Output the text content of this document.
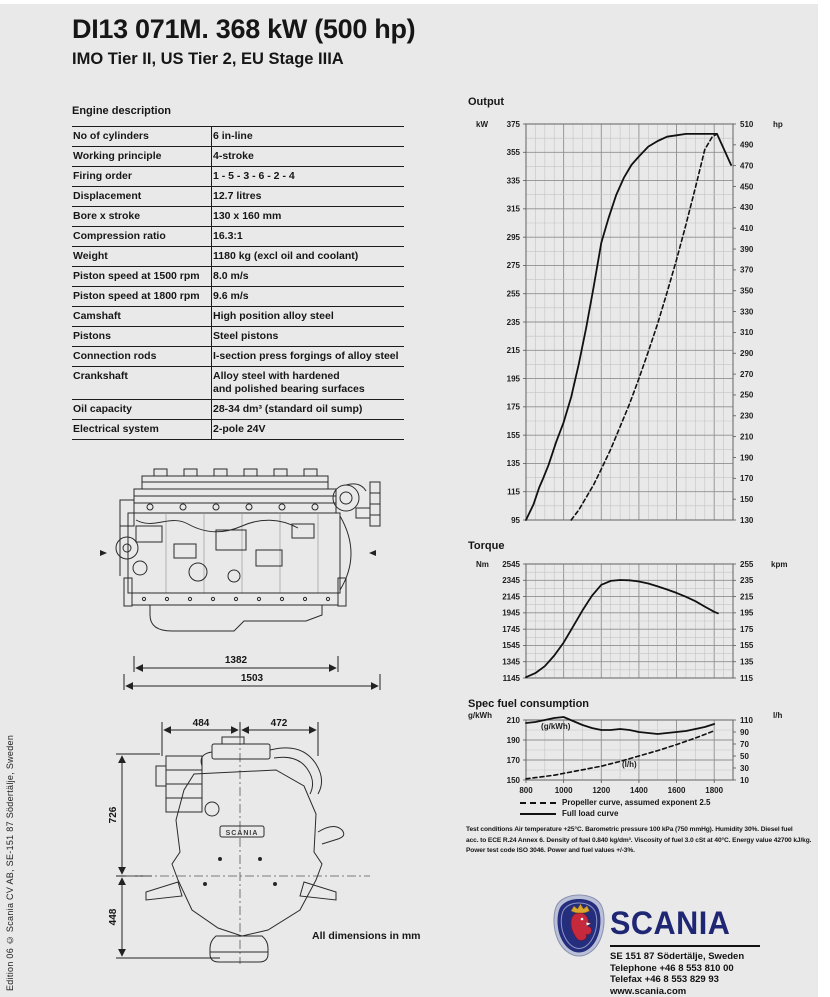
Edition 06 © Scania CV AB, SE-151 87 Södertälje, Sweden
DI13 071M. 368 kW (500 hp)
IMO Tier II, US Tier 2, EU Stage IIIA
Engine description
No of cylinders	6 in-line
Working principle	4-stroke
Firing order	1 - 5 - 3 - 6 - 2 - 4
Displacement	12.7 litres
Bore x stroke	130 x 160 mm
Compression ratio	16.3:1
Weight	1180 kg (excl oil and coolant)
Piston speed at 1500 rpm	8.0 m/s
Piston speed at 1800 rpm	9.6 m/s
Camshaft	High position alloy steel
Pistons	Steel pistons
Connection rods	I-section press forgings of alloy steel
Crankshaft	Alloy steel with hardened
and polished bearing surfaces

Oil capacity	28-34 dm³ (standard oil sump)
Electrical system	2-pole 24V
1382
1503
SCANIA
484	472
726
448
All dimensions in mm
Output
375
355
335
315
295
275
255
235
215
195
175
155
135
115
95
510
490
470
450
430
410
390
370
350
330
310
290
270
250
230
210
190
170
150
130
kW	hp
Torque
2545
2345
2145
1945
1745
1545
1345
1145
255
235
215
195
175
155
135
115
Nm	kpm
Spec fuel consumption
210
190
170
150
110
90
70
50
30
10
800	1000 1200 1400 1600 1800
g/kWh	l/h
(g/kWh)
(l/h)
Propeller curve, assumed exponent 2.5
Full load curve
Test conditions Air temperature +25°C. Barometric pressure 100 kPa (750 mmHg). Humidity 30%. Diesel fuel
acc. to ECE R.24 Annex 6. Density of fuel 0.840 kg/dm³. Viscosity of fuel 3.0 cSt at 40°C. Energy value 42700 kJ/kg.
Power test code ISO 3046. Power and fuel values +/-3%.
SCANIA
SE 151 87 Södertälje, Sweden
Telephone +46 8 553 810 00
Telefax +46 8 553 829 93
www.scania.com
